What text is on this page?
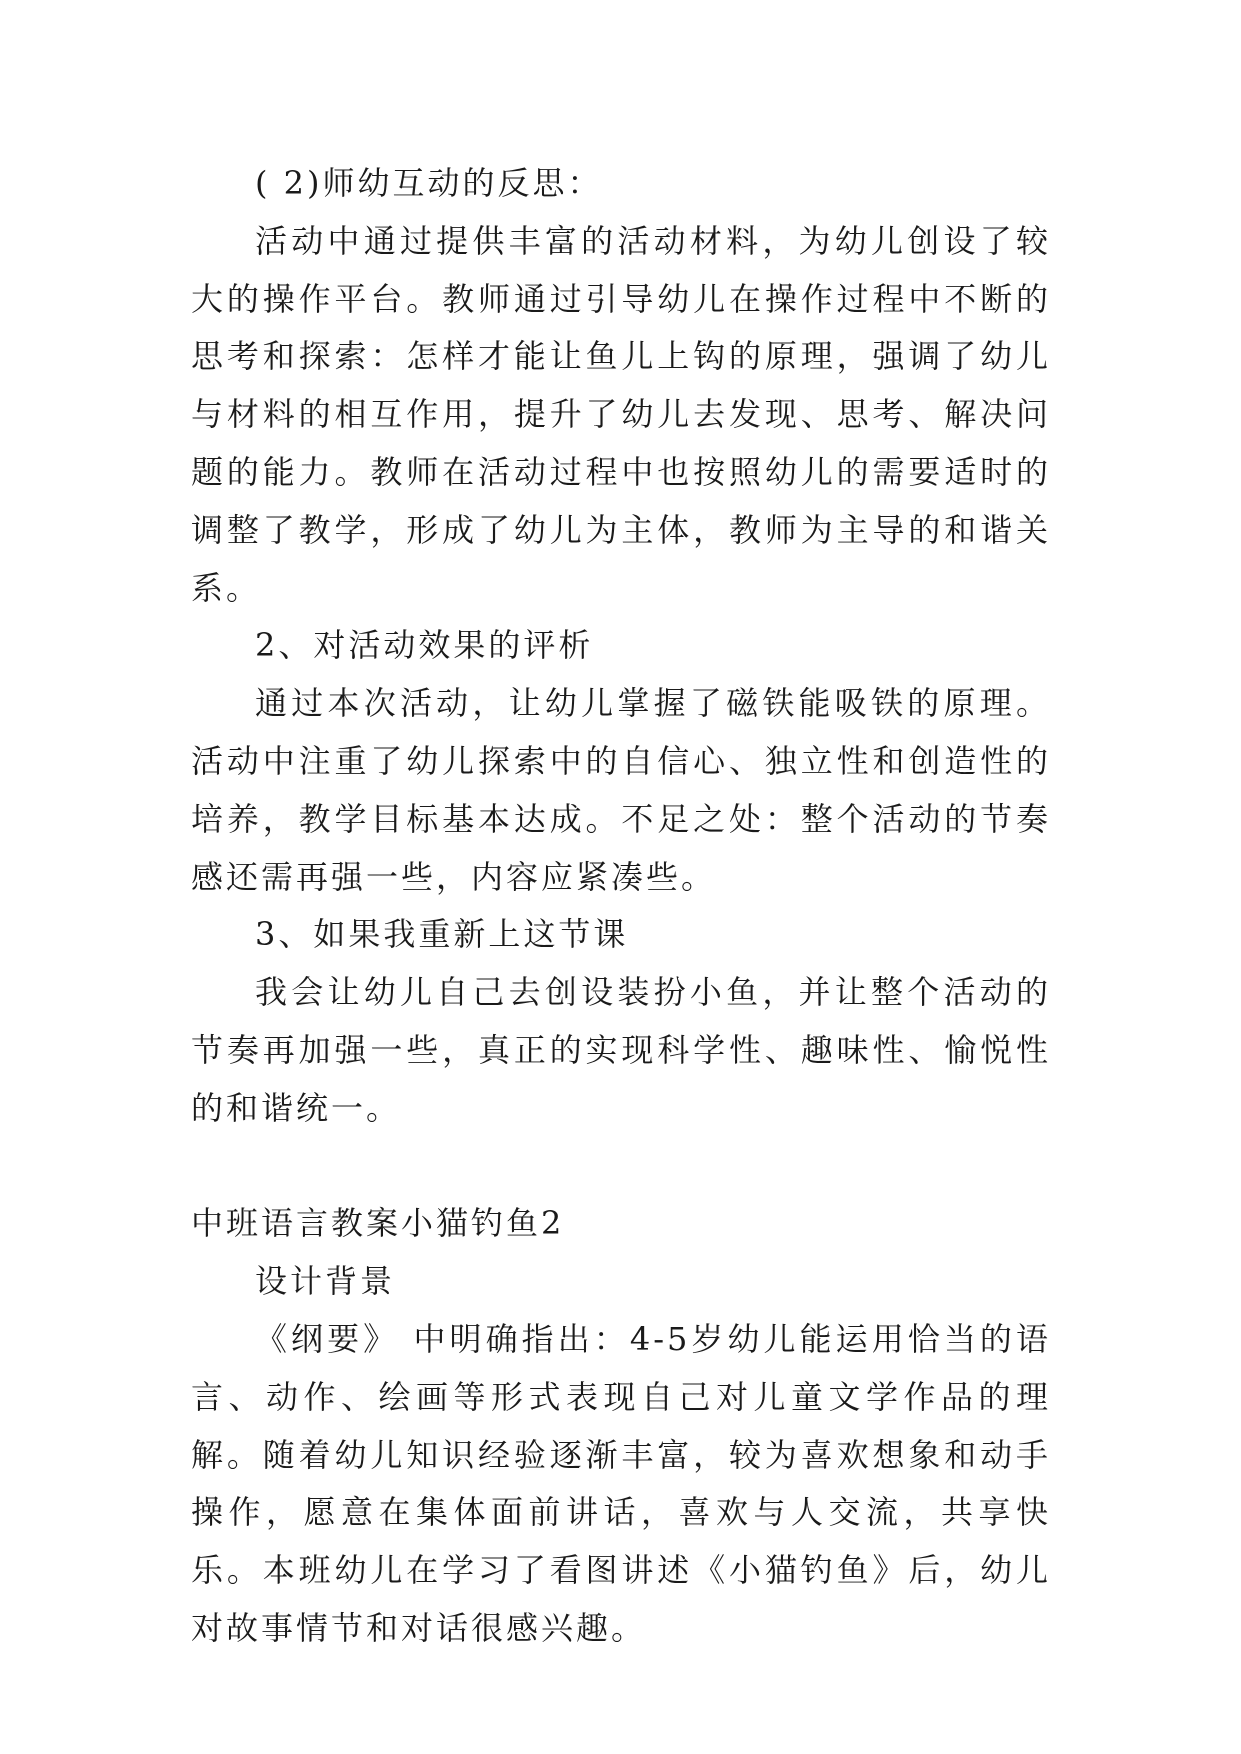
( 2)师幼互动的反思：

活动中通过提供丰富的活动材料，为幼儿创设了较大的操作平台。教师通过引导幼儿在操作过程中不断的思考和探索：怎样才能让鱼儿上钩的原理，强调了幼儿与材料的相互作用，提升了幼儿去发现、思考、解决问题的能力。教师在活动过程中也按照幼儿的需要适时的调整了教学，形成了幼儿为主体，教师为主导的和谐关系。

2、对活动效果的评析

通过本次活动，让幼儿掌握了磁铁能吸铁的原理。活动中注重了幼儿探索中的自信心、独立性和创造性的培养，教学目标基本达成。不足之处：整个活动的节奏感还需再强一些，内容应紧凑些。

3、如果我重新上这节课

我会让幼儿自己去创设装扮小鱼，并让整个活动的节奏再加强一些，真正的实现科学性、趣味性、愉悦性的和谐统一。

中班语言教案小猫钓鱼2

设计背景

《纲要》 中明确指出：4-5岁幼儿能运用恰当的语言、动作、绘画等形式表现自己对儿童文学作品的理解。随着幼儿知识经验逐渐丰富，较为喜欢想象和动手操作，愿意在集体面前讲话，喜欢与人交流，共享快乐。本班幼儿在学习了看图讲述《小猫钓鱼》后，幼儿对故事情节和对话很感兴趣。
